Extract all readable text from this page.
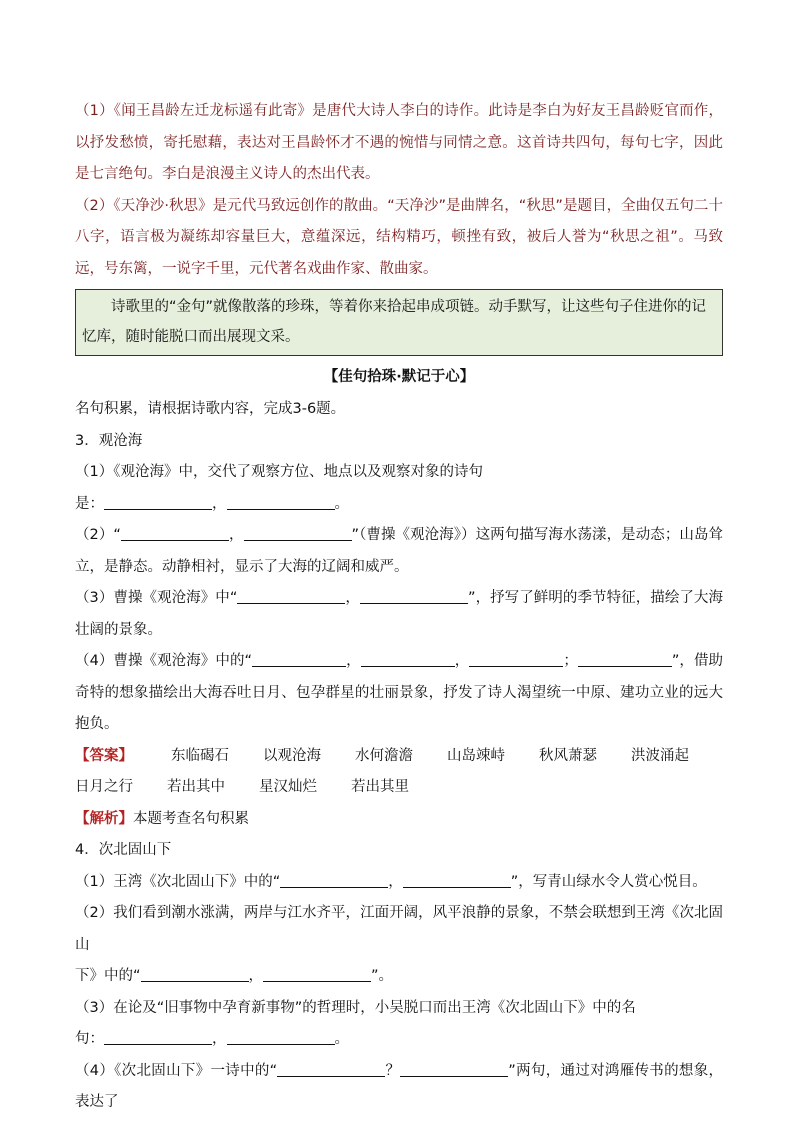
（1）《闻王昌龄左迁龙标遥有此寄》是唐代大诗人李白的诗作。此诗是李白为好友王昌龄贬官而作，以抒发愁愤，寄托慰藉，表达对王昌龄怀才不遇的惋惜与同情之意。这首诗共四句，每句七字，因此是七言绝句。李白是浪漫主义诗人的杰出代表。

（2）《天净沙·秋思》是元代马致远创作的散曲。“天净沙”是曲牌名，“秋思”是题目，全曲仅五句二十八字，语言极为凝练却容量巨大，意蕴深远，结构精巧，顿挫有致，被后人誉为“秋思之祖”。马致远，号东篱，一说字千里，元代著名戏曲作家、散曲家。

诗歌里的“金句”就像散落的珍珠，等着你来拾起串成项链。动手默写，让这些句子住进你的记忆库，随时能脱口而出展现文采。

【佳句拾珠·默记于心】

名句积累，请根据诗歌内容，完成3-6题。

3．观沧海

（1）《观沧海》中，交代了观察方位、地点以及观察对象的诗句

是：	，	。

（2）“	，	”（曹操《观沧海》）这两句描写海水荡漾，是动态；山岛耸立，是静态。动静相衬，显示了大海的辽阔和威严。

（3）曹操《观沧海》中“	，	”，抒写了鲜明的季节特征，描绘了大海壮阔的景象。

（4）曹操《观沧海》中的“	，	，	；	”，借助奇特的想象描绘出大海吞吐日月、包孕群星的壮丽景象，抒发了诗人渴望统一中原、建功立业的远大抱负。

【答案】	东临碣石 以观沧海 水何澹澹 山岛竦峙 秋风萧瑟 洪波涌起
日月之行 若出其中 星汉灿烂 若出其里
【解析】本题考查名句积累

4．次北固山下

（1）王湾《次北固山下》中的“	，	”，写青山绿水令人赏心悦目。

（2）我们看到潮水涨满，两岸与江水齐平，江面开阔，风平浪静的景象，不禁会联想到王湾《次北固山

下》中的“	，	”。

（3）在论及“旧事物中孕育新事物”的哲理时，小吴脱口而出王湾《次北固山下》中的名

句：	，	。

（4）《次北固山下》一诗中的“	？	”两句，通过对鸿雁传书的想象，表达了
